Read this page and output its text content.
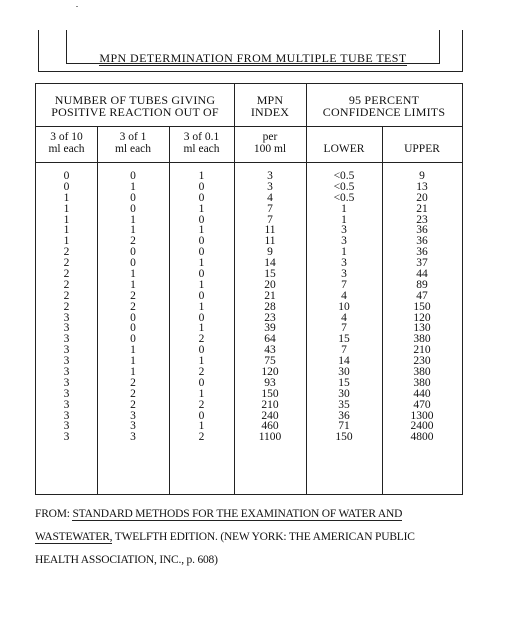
MPN DETERMINATION FROM MULTIPLE TUBE TEST
NUMBER OF TUBES GIVING
POSITIVE REACTION OUT OF
MPN
INDEX
95 PERCENT
CONFIDENCE LIMITS
3 of 10
ml each
3 of 1
ml each
3 of 0.1
ml each
per
100 ml	LOWER	UPPER
0
0
1
1
1
1
1
2
2
2
2
2
2
3
3
3
3
3
3
3
3
3
3
3
3
0
1
0
0
1
1
2
0
0
1
1
2
2
0
0
0
1
1
1
2
2
2
3
3
3
1
0
0
1
0
1
0
0
1
0
1
0
1
0
1
2
0
1
2
0
1
2
0
1
2
3
3
4
7
7
11
11
9
14
15
20
21
28
23
39
64
43
75
120
93
150
210
240
460
1100
<0.5
<0.5
<0.5
1
1
3
3
1
3
3
7
4
10
4
7
15
7
14
30
15
30
35
36
71
150
9
13
20
21
23
36
36
36
37
44
89
47
150
120
130
380
210
230
380
380
440
470
1300
2400
4800
FROM: STANDARD METHODS FOR THE EXAMINATION OF WATER AND
WASTEWATER, TWELFTH EDITION. (NEW YORK: THE AMERICAN PUBLIC
HEALTH ASSOCIATION, INC., p. 608)
